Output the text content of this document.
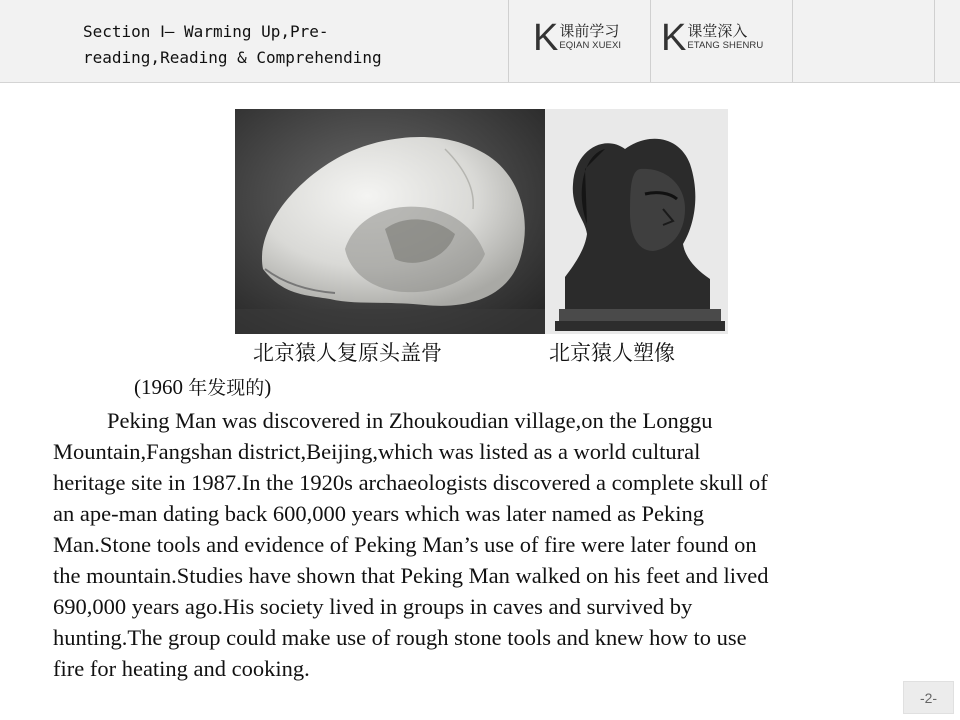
Section Ⅰ— Warming Up,Pre-
reading,Reading & Comprehending	K 课前学习
EQIAN XUEXI K 课堂深入
ETANG SHENRU
北京猿人复原头盖骨	北京猿人塑像
(1960 年发现的)
Peking Man was discovered in Zhoukoudian village,on the Longgu
Mountain,Fangshan district,Beijing,which was listed as a world cultural
heritage site in 1987.In the 1920s archaeologists discovered a complete skull of
an ape-man dating back 600,000 years which was later named as Peking
Man.Stone tools and evidence of Peking Man’s use of fire were later found on
the mountain.Studies have shown that Peking Man walked on his feet and lived
690,000 years ago.His society lived in groups in caves and survived by
hunting.The group could make use of rough stone tools and knew how to use
fire for heating and cooking.
-2-
